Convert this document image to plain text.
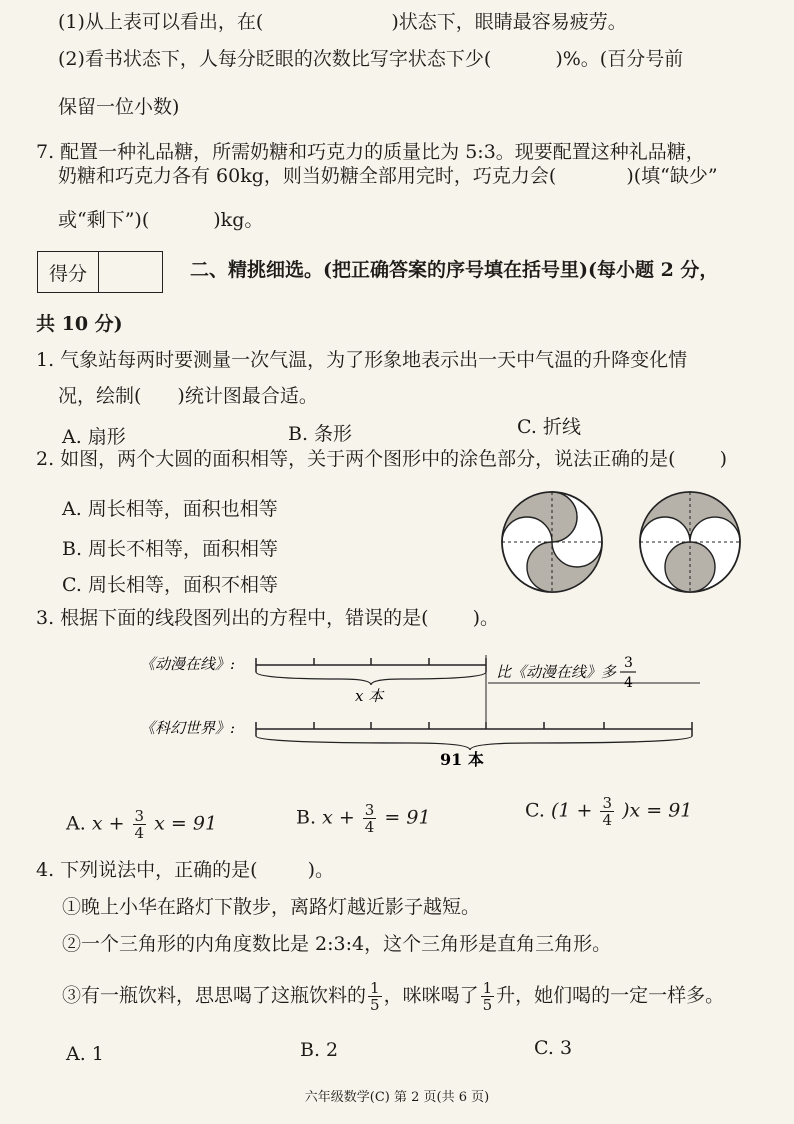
(1)从上表可以看出，在(	)状态下，眼睛最容易疲劳。
(2)看书状态下，人每分眨眼的次数比写字状态下少(	)%。(百分号前
保留一位小数)
7. 配置一种礼品糖，所需奶糖和巧克力的质量比为 5:3。现要配置这种礼品糖，
奶糖和巧克力各有 60kg，则当奶糖全部用完时，巧克力会(	)(填“缺少”
或“剩下”)(	)kg。
得分	二、精挑细选。(把正确答案的序号填在括号里)(每小题 2 分，
共 10 分)
1. 气象站每两时要测量一次气温，为了形象地表示出一天中气温的升降变化情
况，绘制( )统计图最合适。
A. 扇形	B. 条形	C. 折线
2. 如图，两个大圆的面积相等，关于两个图形中的涂色部分，说法正确的是( )
A. 周长相等，面积也相等
B. 周长不相等，面积相等
C. 周长相等，面积不相等
3. 根据下面的线段图列出的方程中，错误的是( )。
《动漫在线》:
《科幻世界》:
x 本
比《动漫在线》多 3
4
91 本
A. $x + \frac{3}{4}$ x = 91	B. $x + \frac{3}{4} = 91$	C. $(1 + \frac{3}{4} )x = 91$
4. 下列说法中，正确的是(	)。
①晚上小华在路灯下散步，离路灯越近影子越短。
②一个三角形的内角度数比是 2:3:4，这个三角形是直角三角形。
③有一瓶饮料，思思喝了这瓶饮料的 $\frac{1}{5}$ ，咪咪喝了 $\frac{1}{5}$ 升，她们喝的一定一样多。
A. 1	B. 2	C. 3
六年级数学(C) 第 2 页(共 6 页)
